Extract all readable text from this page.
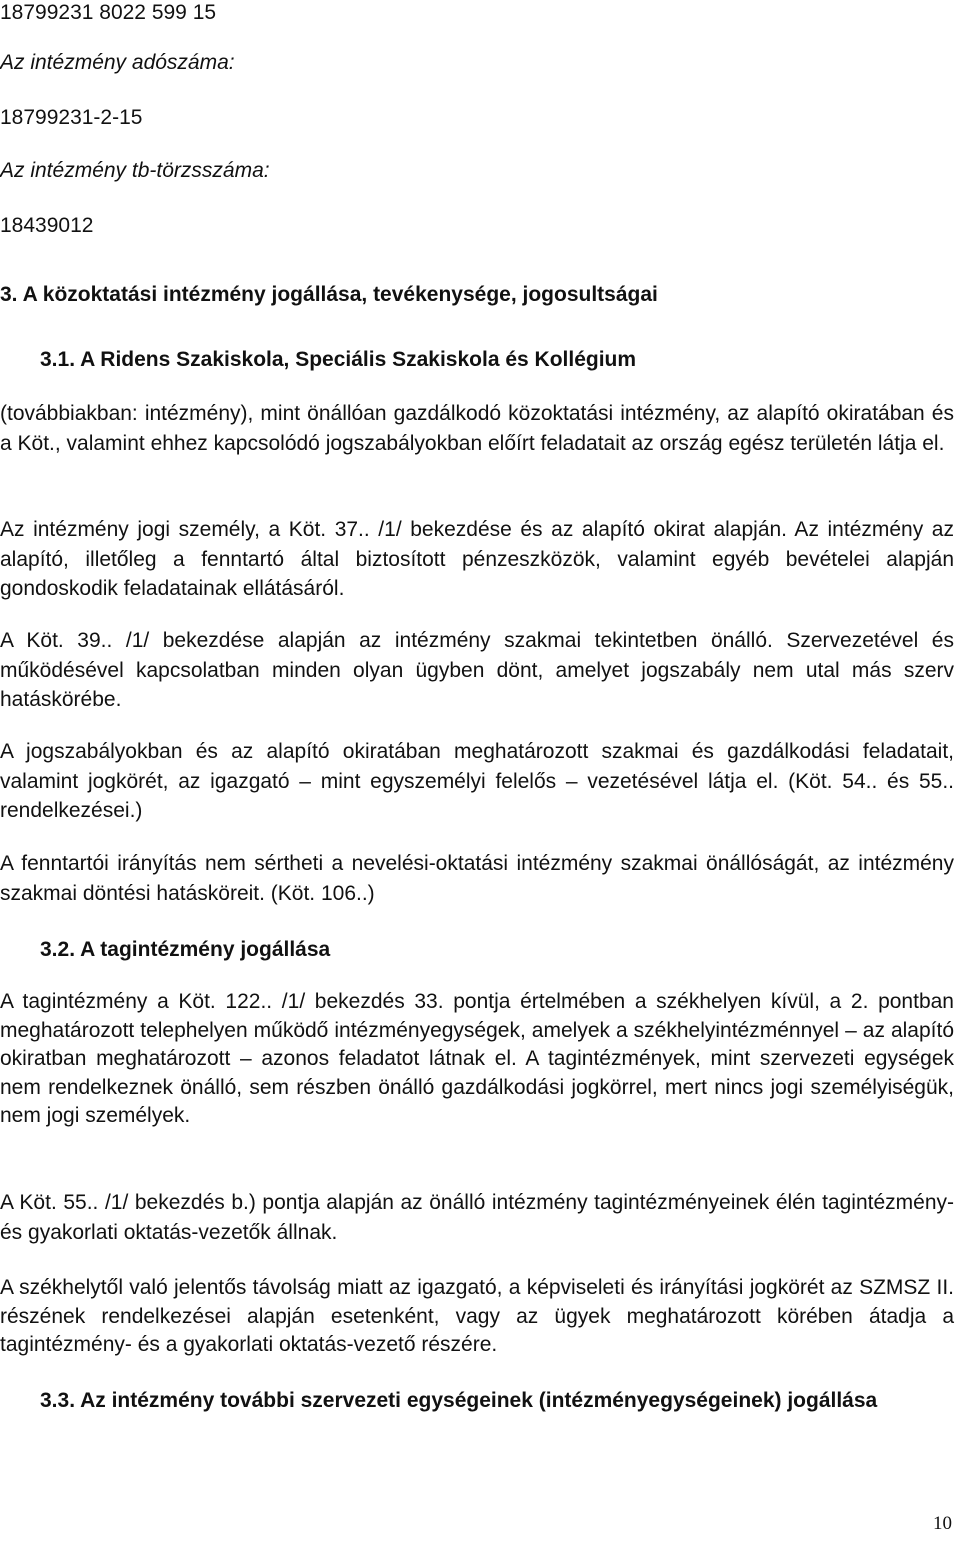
18799231 8022 599 15

Az intézmény adószáma:

18799231-2-15

Az intézmény tb-törzsszáma:

18439012

3. A közoktatási intézmény jogállása, tevékenysége, jogosultságai

3.1. A Ridens Szakiskola, Speciális Szakiskola és Kollégium

(továbbiakban: intézmény), mint önállóan gazdálkodó közoktatási intézmény, az alapító okiratában és a Köt., valamint ehhez kapcsolódó jogszabályokban előírt feladatait az ország egész területén látja el.

Az intézmény jogi személy, a Köt. 37.. /1/ bekezdése és az alapító okirat alapján. Az intézmény az alapító, illetőleg a fenntartó által biztosított pénzeszközök, valamint egyéb bevételei alapján gondoskodik feladatainak ellátásáról.

A Köt. 39.. /1/ bekezdése alapján az intézmény szakmai tekintetben önálló. Szervezetével és működésével kapcsolatban minden olyan ügyben dönt, amelyet jogszabály nem utal más szerv hatáskörébe.

A jogszabályokban és az alapító okiratában meghatározott szakmai és gazdálkodási feladatait, valamint jogkörét, az igazgató – mint egyszemélyi felelős – vezetésével látja el. (Köt. 54.. és 55.. rendelkezései.)

A fenntartói irányítás nem sértheti a nevelési-oktatási intézmény szakmai önállóságát, az intézmény szakmai döntési hatásköreit. (Köt. 106..)

3.2. A tagintézmény jogállása

A tagintézmény a Köt. 122.. /1/ bekezdés 33. pontja értelmében a székhelyen kívül, a 2. pontban meghatározott telephelyen működő intézményegységek, amelyek a székhelyintézménnyel – az alapító okiratban meghatározott – azonos feladatot látnak el. A tagintézmények, mint szervezeti egységek nem rendelkeznek önálló, sem részben önálló gazdálkodási jogkörrel, mert nincs jogi személyiségük, nem jogi személyek.

A Köt. 55.. /1/ bekezdés b.) pontja alapján az önálló intézmény tagintézményeinek élén tagintézmény- és gyakorlati oktatás-vezetők állnak.

A székhelytől való jelentős távolság miatt az igazgató, a képviseleti és irányítási jogkörét az SZMSZ II. részének rendelkezései alapján esetenként, vagy az ügyek meghatározott körében átadja a tagintézmény- és a gyakorlati oktatás-vezető részére.

3.3. Az intézmény további szervezeti egységeinek (intézményegységeinek) jogállása

10
